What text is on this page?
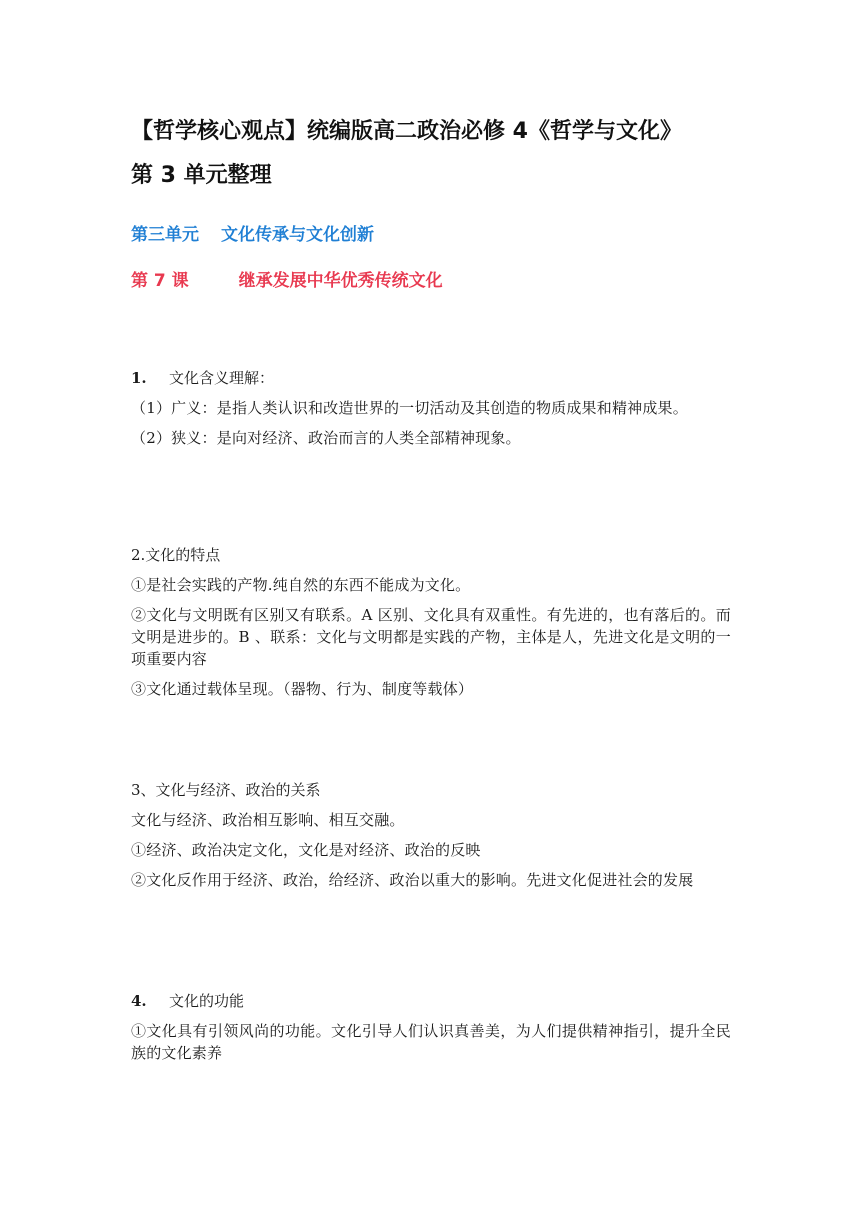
【哲学核心观点】统编版高二政治必修 4《哲学与文化》

第 3 单元整理

第三单元 文化传承与文化创新

第 7 课	继承发展中华优秀传统文化

1. 文化含义理解：

（1）广义：是指人类认识和改造世界的一切活动及其创造的物质成果和精神成果。

（2）狭义：是向对经济、政治而言的人类全部精神现象。

2.文化的特点

①是社会实践的产物.纯自然的东西不能成为文化。

②文化与文明既有区别又有联系。A 区别、文化具有双重性。有先进的，也有落后的。而文明是进步的。B 、联系：文化与文明都是实践的产物，主体是人，先进文化是文明的一项重要内容

③文化通过载体呈现。（器物、行为、制度等载体）

3、文化与经济、政治的关系

文化与经济、政治相互影响、相互交融。

①经济、政治决定文化，文化是对经济、政治的反映

②文化反作用于经济、政治，给经济、政治以重大的影响。先进文化促进社会的发展

4. 文化的功能

①文化具有引领风尚的功能。文化引导人们认识真善美，为人们提供精神指引，提升全民族的文化素养
